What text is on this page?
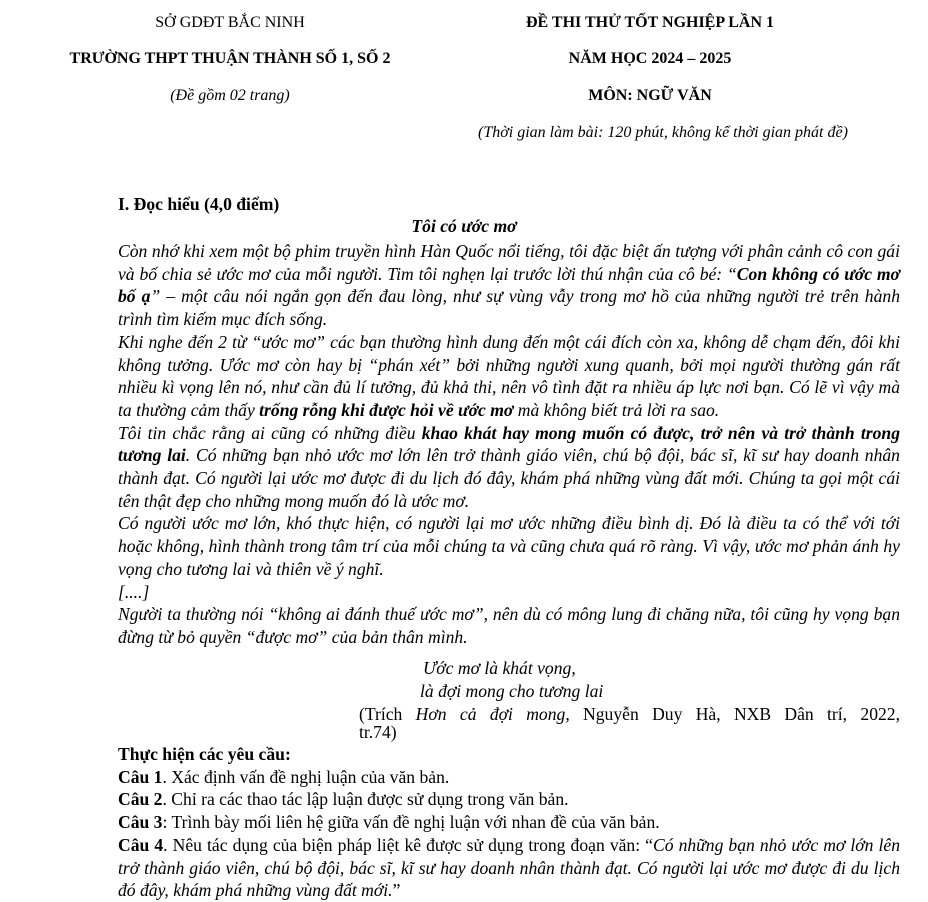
SỞ GDĐT BẮC NINH
TRƯỜNG THPT THUẬN THÀNH SỐ 1, SỐ 2
(Đề gồm 02 trang)
ĐỀ THI THỬ TỐT NGHIỆP LẦN 1
NĂM HỌC 2024 – 2025
MÔN: NGỮ VĂN
(Thời gian làm bài: 120 phút, không kể thời gian phát đề)
I. Đọc hiểu (4,0 điểm)
Tôi có ước mơ

Còn nhớ khi xem một bộ phim truyền hình Hàn Quốc nổi tiếng, tôi đặc biệt ấn tượng với phân cảnh cô con gái và bố chia sẻ ước mơ của mỗi người. Tim tôi nghẹn lại trước lời thú nhận của cô bé: “Con không có ước mơ bố ạ” – một câu nói ngắn gọn đến đau lòng, như sự vùng vẫy trong mơ hồ của những người trẻ trên hành trình tìm kiếm mục đích sống.

Khi nghe đến 2 từ “ước mơ” các bạn thường hình dung đến một cái đích còn xa, không dễ chạm đến, đôi khi không tưởng. Ước mơ còn hay bị “phán xét” bởi những người xung quanh, bởi mọi người thường gán rất nhiều kì vọng lên nó, như cần đủ lí tưởng, đủ khả thi, nên vô tình đặt ra nhiều áp lực nơi bạn. Có lẽ vì vậy mà ta thường cảm thấy trống rỗng khi được hỏi về ước mơ mà không biết trả lời ra sao.

Tôi tin chắc rằng ai cũng có những điều khao khát hay mong muốn có được, trở nên và trở thành trong tương lai. Có những bạn nhỏ ước mơ lớn lên trở thành giáo viên, chú bộ đội, bác sĩ, kĩ sư hay doanh nhân thành đạt. Có người lại ước mơ được đi du lịch đó đây, khám phá những vùng đất mới. Chúng ta gọi một cái tên thật đẹp cho những mong muốn đó là ước mơ.

Có người ước mơ lớn, khó thực hiện, có người lại mơ ước những điều bình dị. Đó là điều ta có thể với tới hoặc không, hình thành trong tâm trí của mỗi chúng ta và cũng chưa quá rõ ràng. Vì vậy, ước mơ phản ánh hy vọng cho tương lai và thiên về ý nghĩ.

[....]

Người ta thường nói “không ai đánh thuế ước mơ”, nên dù có mông lung đi chăng nữa, tôi cũng hy vọng bạn đừng từ bỏ quyền “được mơ” của bản thân mình.

Ước mơ là khát vọng,
là đợi mong cho tương lai
(Trích Hơn cả đợi mong, Nguyễn Duy Hà, NXB Dân trí, 2022,
tr.74)

Thực hiện các yêu cầu:

Câu 1. Xác định vấn đề nghị luận của văn bản.

Câu 2. Chỉ ra các thao tác lập luận được sử dụng trong văn bản.

Câu 3: Trình bày mối liên hệ giữa vấn đề nghị luận với nhan đề của văn bản.

Câu 4. Nêu tác dụng của biện pháp liệt kê được sử dụng trong đoạn văn: “Có những bạn nhỏ ước mơ lớn lên trở thành giáo viên, chú bộ đội, bác sĩ, kĩ sư hay doanh nhân thành đạt. Có người lại ước mơ được đi du lịch đó đây, khám phá những vùng đất mới.”
